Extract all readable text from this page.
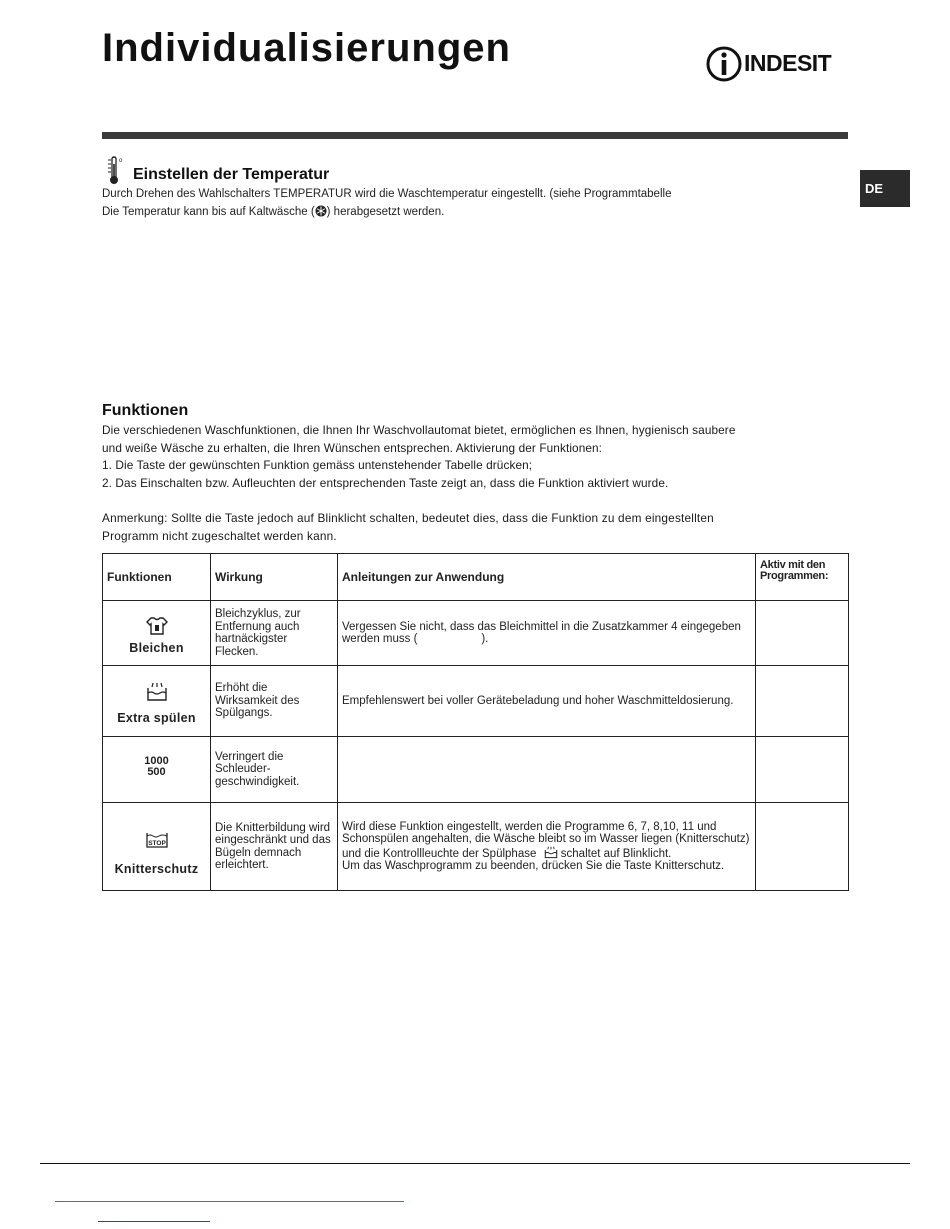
Individualisierungen	INDESIT
DE
o
Einstellen der Temperatur
Durch Drehen des Wahlschalters TEMPERATUR wird die Waschtemperatur eingestellt. (siehe Programmtabelle
Die Temperatur kann bis auf Kaltwäsche ( ) herabgesetzt werden.
Funktionen

Die verschiedenen Waschfunktionen, die Ihnen Ihr Waschvollautomat bietet, ermöglichen es Ihnen, hygienisch saubere

und weiße Wäsche zu erhalten, die Ihren Wünschen entsprechen. Aktivierung der Funktionen:

1. Die Taste der gewünschten Funktion gemäss untenstehender Tabelle drücken;

2. Das Einschalten bzw. Aufleuchten der entsprechenden Taste zeigt an, dass die Funktion aktiviert wurde.

Anmerkung: Sollte die Taste jedoch auf Blinklicht schalten, bedeutet dies, dass die Funktion zu dem eingestellten

Programm nicht zugeschaltet werden kann.

Funktionen	Wirkung	Anleitungen zur Anwendung	Aktiv mit den
Programmen:

Bleichen	Bleichzyklus, zur Entfernung auch hartnäckigster Flecken.	Vergessen Sie nicht, dass das Bleichmittel in die Zusatzkammer 4 eingegeben werden muss (                    ).	

Extra spülen	Erhöht die Wirksamkeit des Spülgangs.	Empfehlenswert bei voller Gerätebeladung und hoher Waschmitteldosierung.	

1000
500	Verringert die Schleuder-geschwindigkeit.		

STOP
Knitterschutz	Die Knitterbildung wird eingeschränkt und das Bügeln demnach erleichtert.	Wird diese Funktion eingestellt, werden die Programme 6, 7, 8,10, 11 und Schonspülen angehalten, die Wäsche bleibt so im Wasser liegen (Knitterschutz) und die Kontrollleuchte der Spülphase schaltet auf Blinklicht.
Um das Waschprogramm zu beenden, drücken Sie die Taste Knitterschutz.	
